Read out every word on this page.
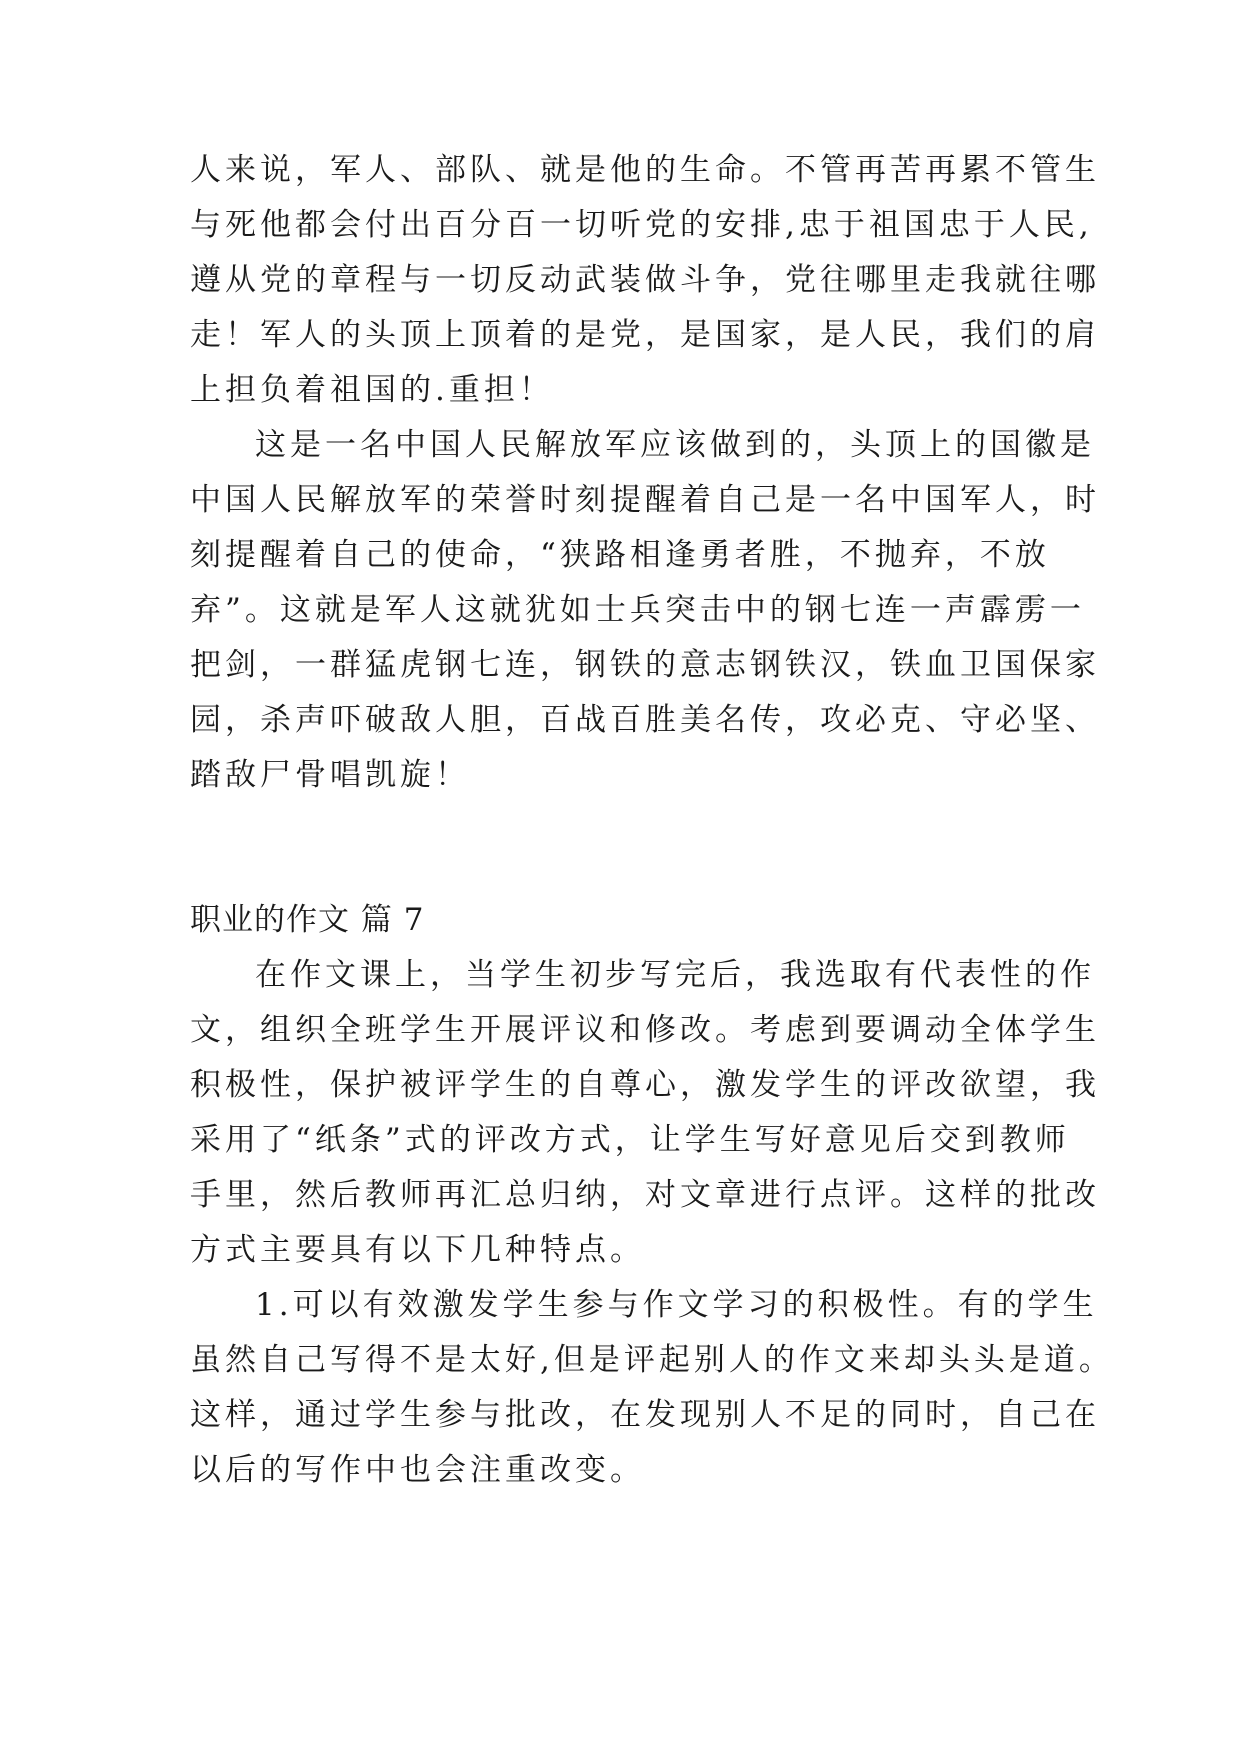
人来说，军人、部队、就是他的生命。不管再苦再累不管生
与死他都会付出百分百一切听党的安排,忠于祖国忠于人民,
遵从党的章程与一切反动武装做斗争，党往哪里走我就往哪
走！军人的头顶上顶着的是党，是国家，是人民，我们的肩
上担负着祖国的.重担！
这是一名中国人民解放军应该做到的，头顶上的国徽是
中国人民解放军的荣誉时刻提醒着自己是一名中国军人，时
刻提醒着自己的使命，“狭路相逢勇者胜，不抛弃，不放
弃”。这就是军人这就犹如士兵突击中的钢七连一声霹雳一
把剑，一群猛虎钢七连，钢铁的意志钢铁汉，铁血卫国保家
园，杀声吓破敌人胆，百战百胜美名传，攻必克、守必坚、
踏敌尸骨唱凯旋！
职业的作文 篇 7
在作文课上，当学生初步写完后，我选取有代表性的作
文，组织全班学生开展评议和修改。考虑到要调动全体学生
积极性，保护被评学生的自尊心，激发学生的评改欲望，我
采用了“纸条”式的评改方式，让学生写好意见后交到教师
手里，然后教师再汇总归纳，对文章进行点评。这样的批改
方式主要具有以下几种特点。
1.可以有效激发学生参与作文学习的积极性。有的学生
虽然自己写得不是太好,但是评起别人的作文来却头头是道。
这样，通过学生参与批改，在发现别人不足的同时，自己在
以后的写作中也会注重改变。
